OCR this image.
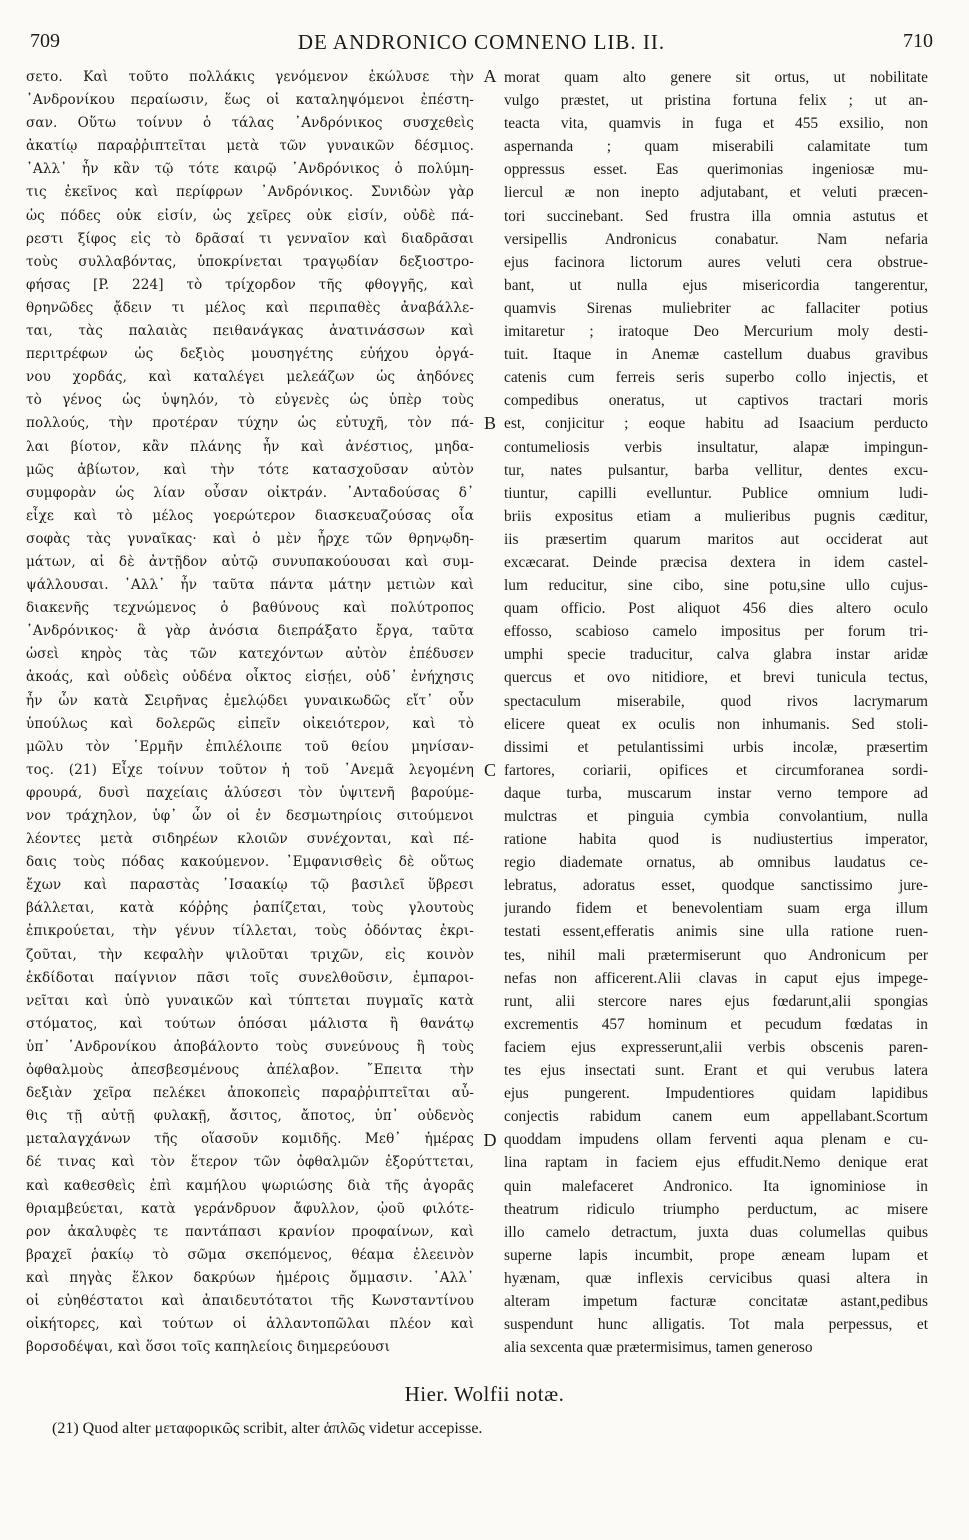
709	DE ANDRONICO COMNENO LIB. II.	710
σετο. Καὶ τοῦτο πολλάκις γενόμενον ἐκώλυσε τὴν
᾿Ανδρονίκου περαίωσιν, ἕως οἱ καταληψόμενοι ἐπέστη-
σαν. Οὕτω τοίνυν ὁ τάλας ᾿Ανδρόνικος συσχεθεὶς
ἀκατίῳ παραῤῥιπτεῖται μετὰ τῶν γυναικῶν δέσμιος.
᾿Αλλ᾿ ἦν κἂν τῷ τότε καιρῷ ᾿Ανδρόνικος ὁ πολύμη-
τις ἐκεῖνος καὶ περίφρων ᾿Ανδρόνικος. Συνιδὼν γὰρ
ὡς πόδες οὐκ εἰσίν, ὡς χεῖρες οὐκ εἰσίν, οὐδὲ πά-
ρεστι ξίφος εἰς τὸ δρᾶσαί τι γενναῖον καὶ διαδρᾶσαι
τοὺς συλλαβόντας, ὑποκρίνεται τραγῳδίαν δεξιοστρο-
φήσας [P. 224] τὸ τρίχορδον τῆς φθογγῆς, καὶ
θρηνῶδες ᾄδειν τι μέλος καὶ περιπαθὲς ἀναβάλλε-
ται, τὰς παλαιὰς πειθανάγκας ἀνατινάσσων καὶ
περιτρέφων ὡς δεξιὸς μουσηγέτης εὐήχου ὀργά-
νου χορδάς, καὶ καταλέγει μελεάζων ὡς ἀηδόνες
τὸ γένος ὡς ὑψηλόν, τὸ εὐγενὲς ὡς ὑπὲρ τοὺς
πολλούς, τὴν προτέραν τύχην ὡς εὐτυχῆ, τὸν πά-
λαι βίοτον, κἂν πλάνης ἦν καὶ ἀνέστιος, μηδα-
μῶς ἀβίωτον, καὶ τὴν τότε κατασχοῦσαν αὐτὸν
συμφορὰν ὡς λίαν οὖσαν οἰκτράν. ᾿Ανταδούσας δ᾿
εἶχε καὶ τὸ μέλος γοερώτερον διασκευαζούσας οἷα
σοφὰς τὰς γυναῖκας· καὶ ὁ μὲν ἦρχε τῶν θρηνῳδη-
μάτων, αἱ δὲ ἀντῇδον αὐτῷ συνυπακούουσαι καὶ συμ-
ψάλλουσαι. ᾿Αλλ᾿ ἦν ταῦτα πάντα μάτην μετιὼν καὶ
διακενῆς τεχνώμενος ὁ βαθύνους καὶ πολύτροπος
᾿Ανδρόνικος· ἃ γὰρ ἀνόσια διεπράξατο ἔργα, ταῦτα
ὡσεὶ κηρὸς τὰς τῶν κατεχόντων αὐτὸν ἐπέδυσεν
ἀκοάς, καὶ οὐδεὶς οὐδένα οἶκτος εἰσῄει, οὐδ᾿ ἐνήχησις
ἦν ὧν κατὰ Σειρῆνας ἐμελῴδει γυναικωδῶς εἴτ᾿ οὖν
ὑπούλως καὶ δολερῶς εἰπεῖν οἰκειότερον, καὶ τὸ
μῶλυ τὸν ῾Ερμῆν ἐπιλέλοιπε τοῦ θείου μηνίσαν-
τος. (21) Εἶχε τοίνυν τοῦτον ἡ τοῦ ᾿Ανεμᾶ λεγομένη
φρουρά, δυσὶ παχείαις ἁλύσεσι τὸν ὑψιτενῆ βαρούμε-
νον τράχηλον, ὑφ᾿ ὧν οἱ ἐν δεσμωτηρίοις σιτούμενοι
λέοντες μετὰ σιδηρέων κλοιῶν συνέχονται, καὶ πέ-
δαις τοὺς πόδας κακούμενον. ᾿Εμφανισθεὶς δὲ οὕτως
ἔχων καὶ παραστὰς ᾿Ισαακίῳ τῷ βασιλεῖ ὕβρεσι
βάλλεται, κατὰ κόῤῥης ῥαπίζεται, τοὺς γλουτοὺς
ἐπικρούεται, τὴν γένυν τίλλεται, τοὺς ὀδόντας ἐκρι-
ζοῦται, τὴν κεφαλὴν ψιλοῦται τριχῶν, εἰς κοινὸν
ἐκδίδοται παίγνιον πᾶσι τοῖς συνελθοῦσιν, ἐμπαροι-
νεῖται καὶ ὑπὸ γυναικῶν καὶ τύπτεται πυγμαῖς κατὰ
στόματος, καὶ τούτων ὁπόσαι μάλιστα ἢ θανάτῳ
ὑπ᾿ ᾿Ανδρονίκου ἀποβάλοντο τοὺς συνεύνους ἢ τοὺς
ὀφθαλμοὺς ἀπεσβεσμένους ἀπέλαβον. ῎Επειτα τὴν
δεξιὰν χεῖρα πελέκει ἀποκοπεὶς παραῤῥιπτεῖται αὖ-
θις τῇ αὐτῇ φυλακῇ, ἄσιτος, ἄποτος, ὑπ᾿ οὐδενὸς
μεταλαγχάνων τῆς οἵασοῦν κομιδῆς. Μεθ᾿ ἡμέρας
δέ τινας καὶ τὸν ἕτερον τῶν ὀφθαλμῶν ἐξορύττεται,
καὶ καθεσθεὶς ἐπὶ καμήλου ψωριώσης διὰ τῆς ἀγορᾶς
θριαμβεύεται, κατὰ γεράνδρυον ἄφυλλον, ᾠοῦ φιλότε-
ρον ἀκαλυφὲς τε παντάπασι κρανίον προφαίνων, καὶ
βραχεῖ ῥακίῳ τὸ σῶμα σκεπόμενος, θέαμα ἐλεεινὸν
καὶ πηγὰς ἕλκον δακρύων ἡμέροις ὄμμασιν. ᾿Αλλ᾿
οἱ εὐηθέστατοι καὶ ἀπαιδευτότατοι τῆς Κωνσταντίνου
οἰκήτορες, καὶ τούτων οἱ ἀλλαντοπῶλαι πλέον καὶ
βορσοδέψαι, καὶ ὅσοι τοῖς καπηλείοις διημερεύουσι
A
B
C
D
morat quam alto genere sit ortus, ut nobilitate
vulgo præstet, ut pristina fortuna felix ; ut an-
teacta vita, quamvis in fuga et 455 exsilio, non
aspernanda ; quam miserabili calamitate tum
oppressus esset. Eas querimonias ingeniosæ mu-
liercul æ non inepto adjutabant, et veluti præcen-
tori succinebant. Sed frustra illa omnia astutus et
versipellis Andronicus conabatur. Nam nefaria
ejus facinora lictorum aures veluti cera obstrue-
bant, ut nulla ejus misericordia tangerentur,
quamvis Sirenas muliebriter ac fallaciter potius
imitaretur ; iratoque Deo Mercurium moly desti-
tuit. Itaque in Anemæ castellum duabus gravibus
catenis cum ferreis seris superbo collo injectis, et
compedibus oneratus, ut captivos tractari moris
est, conjicitur ; eoque habitu ad Isaacium perducto
contumeliosis verbis insultatur, alapæ impingun-
tur, nates pulsantur, barba vellitur, dentes excu-
tiuntur, capilli evelluntur. Publice omnium ludi-
briis expositus etiam a mulieribus pugnis cæditur,
iis præsertim quarum maritos aut occiderat aut
excæcarat. Deinde præcisa dextera in idem castel-
lum reducitur, sine cibo, sine potu,sine ullo cujus-
quam officio. Post aliquot 456 dies altero oculo
effosso, scabioso camelo impositus per forum tri-
umphi specie traducitur, calva glabra instar aridæ
quercus et ovo nitidiore, et brevi tunicula tectus,
spectaculum miserabile, quod rivos lacrymarum
elicere queat ex oculis non inhumanis. Sed stoli-
dissimi et petulantissimi urbis incolæ, præsertim
fartores, coriarii, opifices et circumforanea sordi-
daque turba, muscarum instar verno tempore ad
mulctras et pinguia cymbia convolantium, nulla
ratione habita quod is nudiustertius imperator,
regio diademate ornatus, ab omnibus laudatus ce-
lebratus, adoratus esset, quodque sanctissimo jure-
jurando fidem et benevolentiam suam erga illum
testati essent,efferatis animis sine ulla ratione ruen-
tes, nihil mali prætermiserunt quo Andronicum per
nefas non afficerent.Alii clavas in caput ejus impege-
runt, alii stercore nares ejus fœdarunt,alii spongias
excrementis 457 hominum et pecudum fœdatas in
faciem ejus expresserunt,alii verbis obscenis paren-
tes ejus insectati sunt. Erant et qui verubus latera
ejus pungerent. Impudentiores quidam lapidibus
conjectis rabidum canem eum appellabant.Scortum
quoddam impudens ollam ferventi aqua plenam e cu-
lina raptam in faciem ejus effudit.Nemo denique erat
quin malefaceret Andronico. Ita ignominiose in
theatrum ridiculo triumpho perductum, ac misere
illo camelo detractum, juxta duas columellas quibus
superne lapis incumbit, prope æneam lupam et
hyænam, quæ inflexis cervicibus quasi altera in
alteram impetum facturæ concitatæ astant,pedibus
suspendunt hunc alligatis. Tot mala perpessus, et
alia sexcenta quæ prætermisimus, tamen generoso
Hier. Wolfii notæ.
(21) Quod alter μεταφορικῶς scribit, alter ἁπλῶς videtur accepisse.
